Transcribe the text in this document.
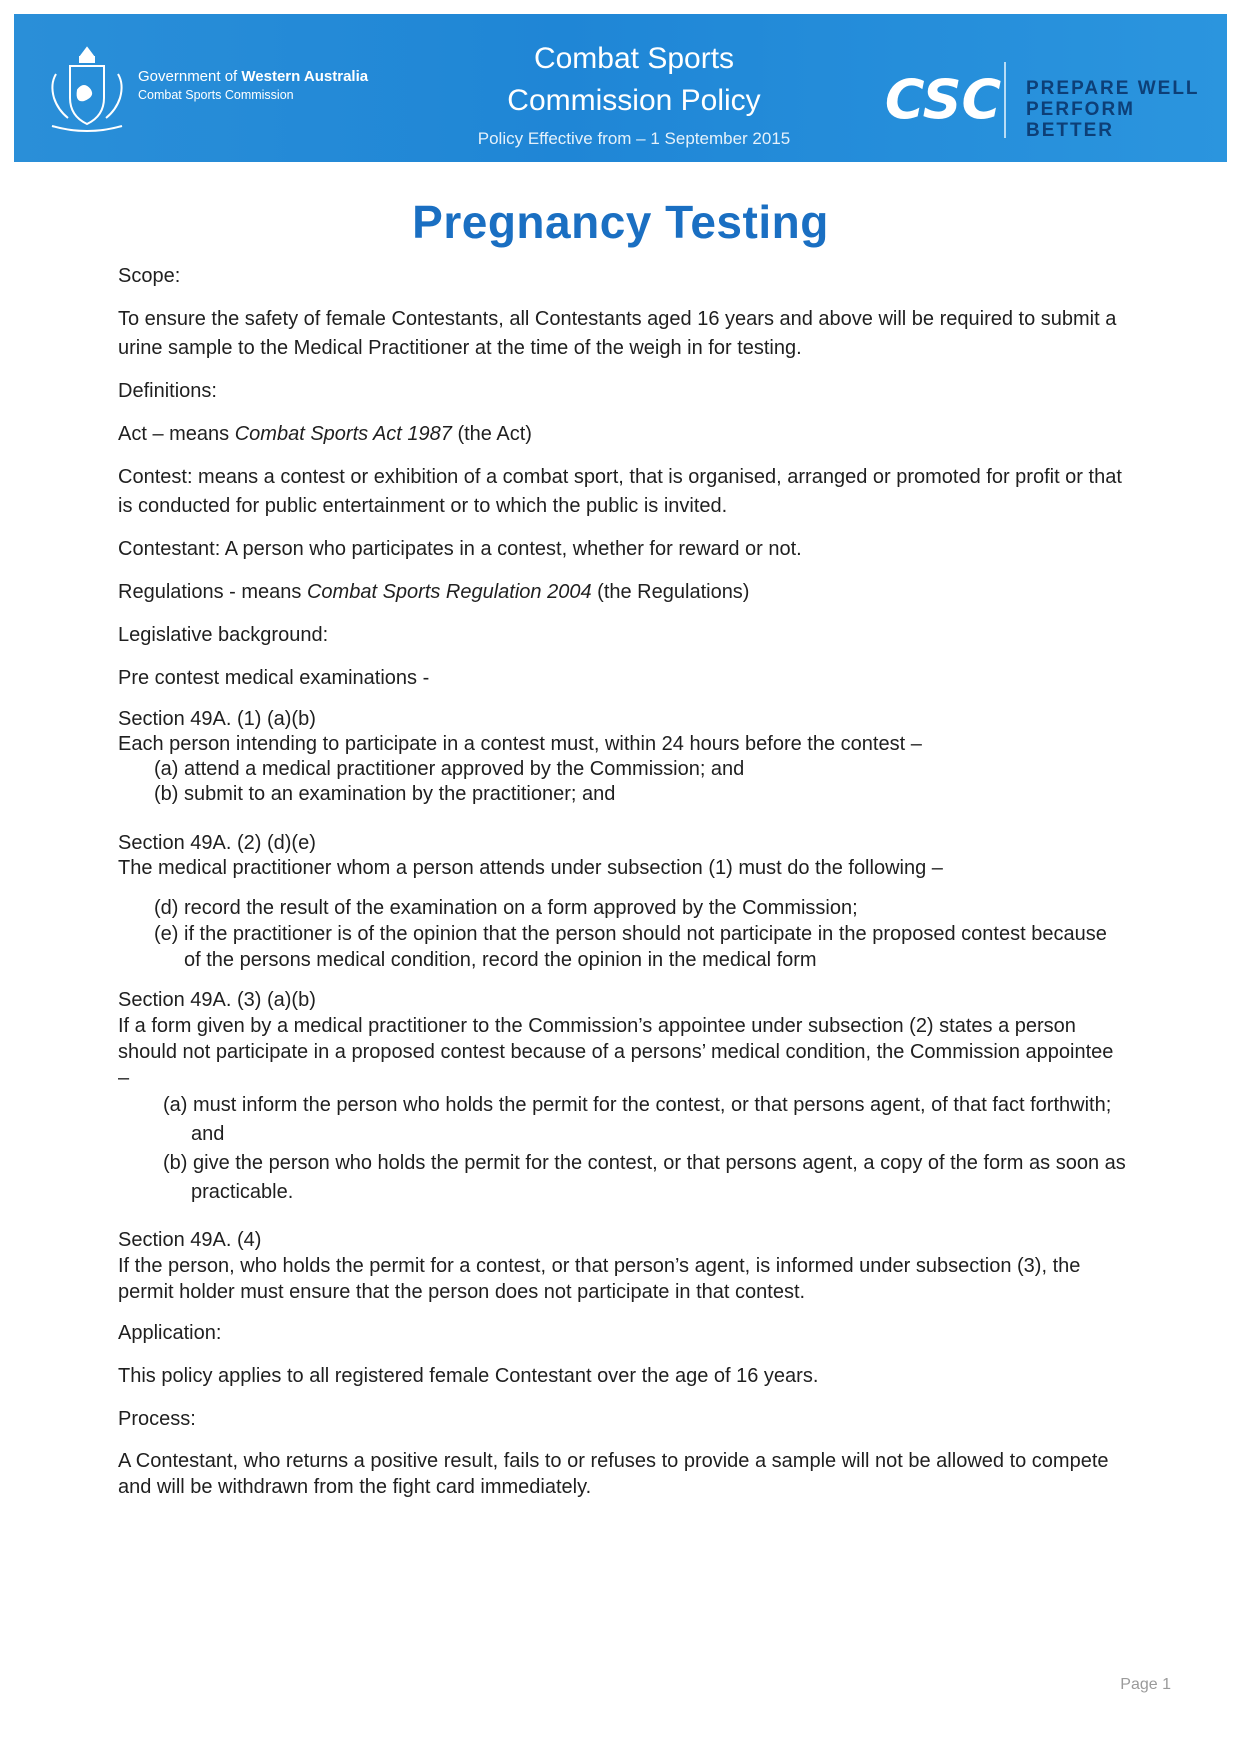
Government of Western Australia
Combat Sports Commission
Combat Sports
Commission Policy
Policy Effective from – 1 September 2015
CSC PREPARE WELL
PERFORM BETTER
Pregnancy Testing

Scope:

To ensure the safety of female Contestants, all Contestants aged 16 years and above will be required to submit a urine sample to the Medical Practitioner at the time of the weigh in for testing.

Definitions:

Act – means Combat Sports Act 1987 (the Act)

Contest: means a contest or exhibition of a combat sport, that is organised, arranged or promoted for profit or that is conducted for public entertainment or to which the public is invited.

Contestant: A person who participates in a contest, whether for reward or not.

Regulations - means Combat Sports Regulation 2004 (the Regulations)

Legislative background:

Pre contest medical examinations -

Section 49A. (1) (a)(b)

Each person intending to participate in a contest must, within 24 hours before the contest –

(a) attend a medical practitioner approved by the Commission; and

(b) submit to an examination by the practitioner; and

Section 49A. (2) (d)(e)

The medical practitioner whom a person attends under subsection (1) must do the following –

(d) record the result of the examination on a form approved by the Commission;

(e) if the practitioner is of the opinion that the person should not participate in the proposed contest because of the persons medical condition, record the opinion in the medical form

Section 49A. (3) (a)(b)

If a form given by a medical practitioner to the Commission’s appointee under subsection (2) states a person should not participate in a proposed contest because of a persons’ medical condition, the Commission appointee –

(a) must inform the person who holds the permit for the contest, or that persons agent, of that fact forthwith; and

(b) give the person who holds the permit for the contest, or that persons agent, a copy of the form as soon as practicable.

Section 49A. (4)

If the person, who holds the permit for a contest, or that person’s agent, is informed under subsection (3), the permit holder must ensure that the person does not participate in that contest.

Application:

This policy applies to all registered female Contestant over the age of 16 years.

Process:

A Contestant, who returns a positive result, fails to or refuses to provide a sample will not be allowed to compete and will be withdrawn from the fight card immediately.

Page 1
